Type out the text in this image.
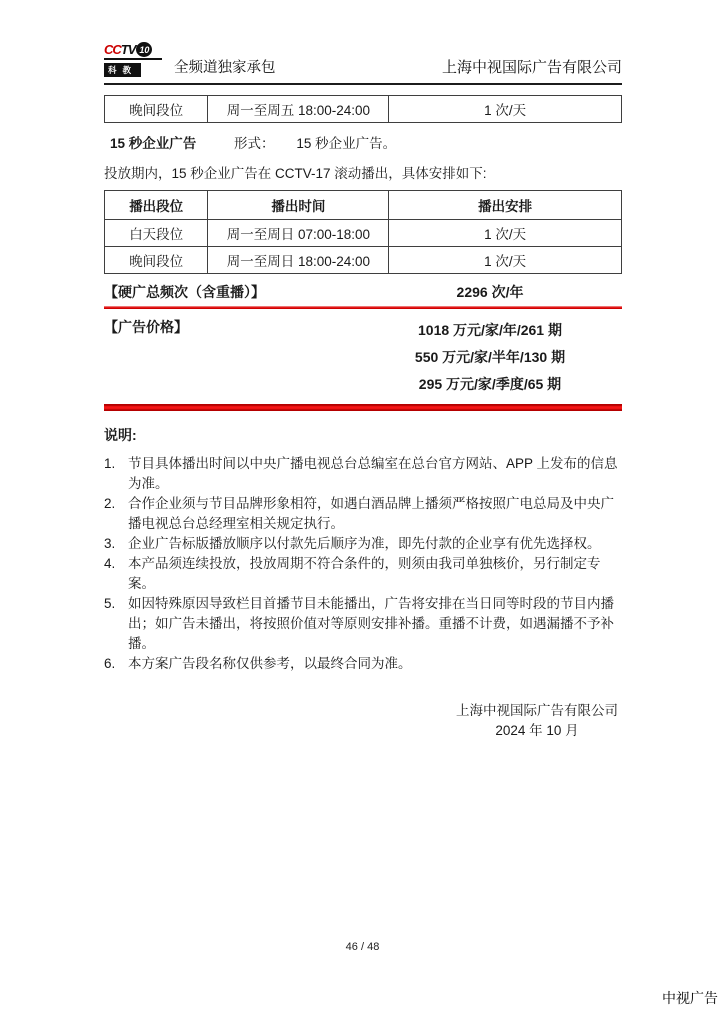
CCTV 10
科教	全频道独家承包	上海中视国际广告有限公司
晚间段位	周一至周五 18:00-24:00	1 次/天
15 秒企业广告	形式： 15 秒企业广告。
投放期内，15 秒企业广告在 CCTV-17 滚动播出，具体安排如下:
播出段位	播出时间	播出安排
白天段位	周一至周日 07:00-18:00	1 次/天
晚间段位	周一至周日 18:00-24:00	1 次/天
【硬广总频次（含重播）】	2296 次/年
【广告价格】	1018 万元/家/年/261 期
550 万元/家/半年/130 期
295 万元/家/季度/65 期
说明:
1. 节目具体播出时间以中央广播电视总台总编室在总台官方网站、APP 上发布的信息为准。
2. 合作企业须与节目品牌形象相符，如遇白酒品牌上播须严格按照广电总局及中央广播电视总台总经理室相关规定执行。
3. 企业广告标版播放顺序以付款先后顺序为准，即先付款的企业享有优先选择权。
4. 本产品须连续投放，投放周期不符合条件的，则须由我司单独核价，另行制定专案。
5. 如因特殊原因导致栏目首播节目未能播出，广告将安排在当日同等时段的节目内播出；如广告未播出，将按照价值对等原则安排补播。重播不计费，如遇漏播不予补播。
6. 本方案广告段名称仅供参考，以最终合同为准。
上海中视国际广告有限公司
2024 年 10 月
46 / 48
中视广告
